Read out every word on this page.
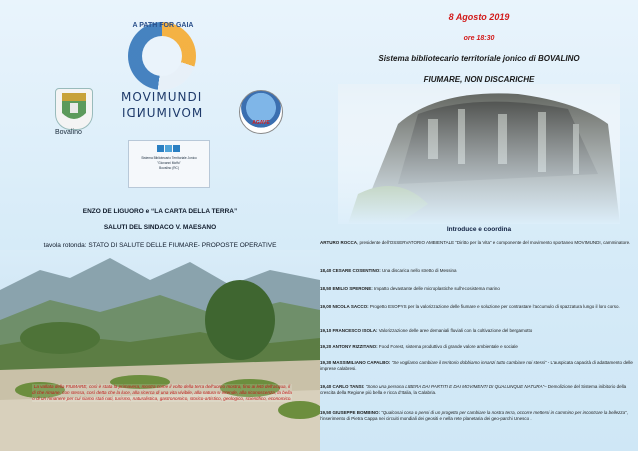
A PATH FOR GAIA
MOVIMUNDI
MOVIMUNDI
Bovalino
AGAVE
Sistema Bibliotecario Territoriale Jonico
"Giovanni Moffo"
Bovalino (RC)
ENZO DE LIGUORO e “LA CARTA DELLA TERRA”
SALUTI DEL SINDACO V. MAESANO
tavola rotonda: STATO DI SALUTE DELLE FIUMARE- PROPOSTE OPERATIVE
La vallata della FIUMARE, così è stata la primavera, mostra come il volto della terra dell’uomo mostra, fino ai letti dell’acqua, il di che rimane, con stessa, così detta che la luce, alla ricerca di una vita vivibile, alla natura si intende, alla riconoscenza, la bella o di un rimanere per cui siamo stati nati, turismo, naturalistica, gastronomico, storico-artistico, geologico, scientifico, economico.
8 Agosto 2019
ore 18:30
Sistema bibliotecario territoriale jonico di BOVALINO
FIUMARE, NON DISCARICHE
Introduce e coordina
ARTURO ROCCA, presidente dell’OSSERVATORIO AMBIENTALE “Diritto per la Vita” e componente del movimento sportaneo MOVIMUNDI, camminatore.
18,40 CESARE COSENTINO: Una discarica nello stretto di Messina
18,50 EMILIO SPERONE: Impatto devastante delle microplastiche sull’ecosistema marino
19,00 NICOLA SACCO: Progetto ESOPYS per la valorizzazione delle fiumare e soluzione per contrastare l’accumulo di spazzatura lungo il loro corso.
19,10 FRANCESCO ISOLA: Valorizzazione delle aree demaniali fluviali con la coltivazione del bergamotto
19,20 ANTONY RIZZITANO: Food Forest, sistema produttivo di grande valore ambientale e sociale
19,30 MASSIMILIANO CAPALBO: “Se vogliamo cambiare il territorio dobbiamo innanzi tutto cambiare noi stessi” - L’auspicata capacità di adattamento delle imprese calabresi.
19,40 CARLO TANSI: “Sono una persona LIBERA DAI PARTITI E DAI MOVIMENTI DI QUALUNQUE NATURA”– Demolizione del Sistema inibitorio della crescita della Regione più bella e ricca d’Italia, la Calabria.
19,50 GIUSEPPE BOMBINO: “Qualcosai cosa o pensi di un progetto per cambiare la nostra terra, occorre mettersi in cammino per incontrare la bellezza”, l’inserimento di Pietra Cappa nei circuiti mondiali dei geositi e nella rete planetaria dei geo-parchi Unesco .
